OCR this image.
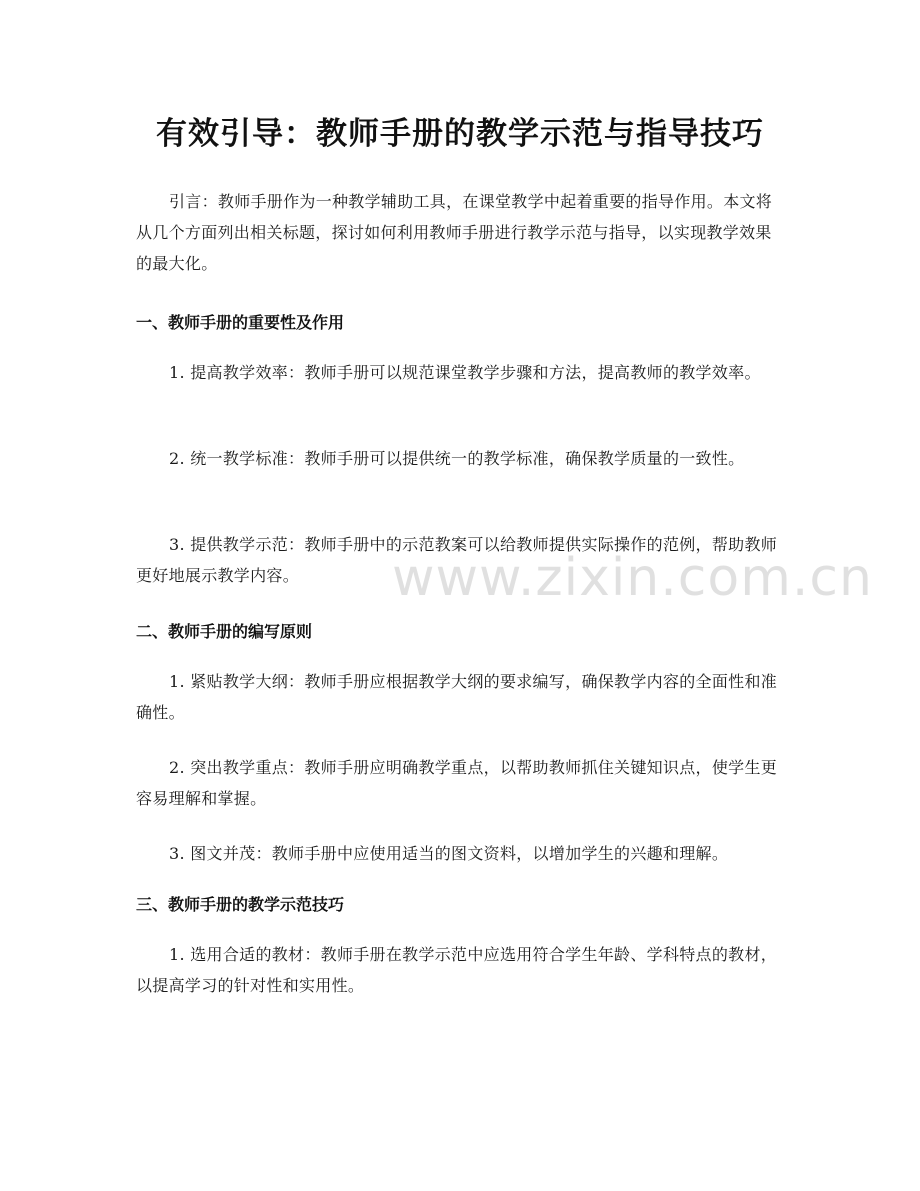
有效引导：教师手册的教学示范与指导技巧

引言：教师手册作为一种教学辅助工具，在课堂教学中起着重要的指导作用。本文将从几个方面列出相关标题，探讨如何利用教师手册进行教学示范与指导，以实现教学效果的最大化。

一、教师手册的重要性及作用

1. 提高教学效率：教师手册可以规范课堂教学步骤和方法，提高教师的教学效率。

2. 统一教学标准：教师手册可以提供统一的教学标准，确保教学质量的一致性。

3. 提供教学示范：教师手册中的示范教案可以给教师提供实际操作的范例，帮助教师更好地展示教学内容。

二、教师手册的编写原则

1. 紧贴教学大纲：教师手册应根据教学大纲的要求编写，确保教学内容的全面性和准确性。

2. 突出教学重点：教师手册应明确教学重点，以帮助教师抓住关键知识点，使学生更容易理解和掌握。

3. 图文并茂：教师手册中应使用适当的图文资料，以增加学生的兴趣和理解。

三、教师手册的教学示范技巧

1. 选用合适的教材：教师手册在教学示范中应选用符合学生年龄、学科特点的教材，以提高学习的针对性和实用性。

www.zixin.com.cn
